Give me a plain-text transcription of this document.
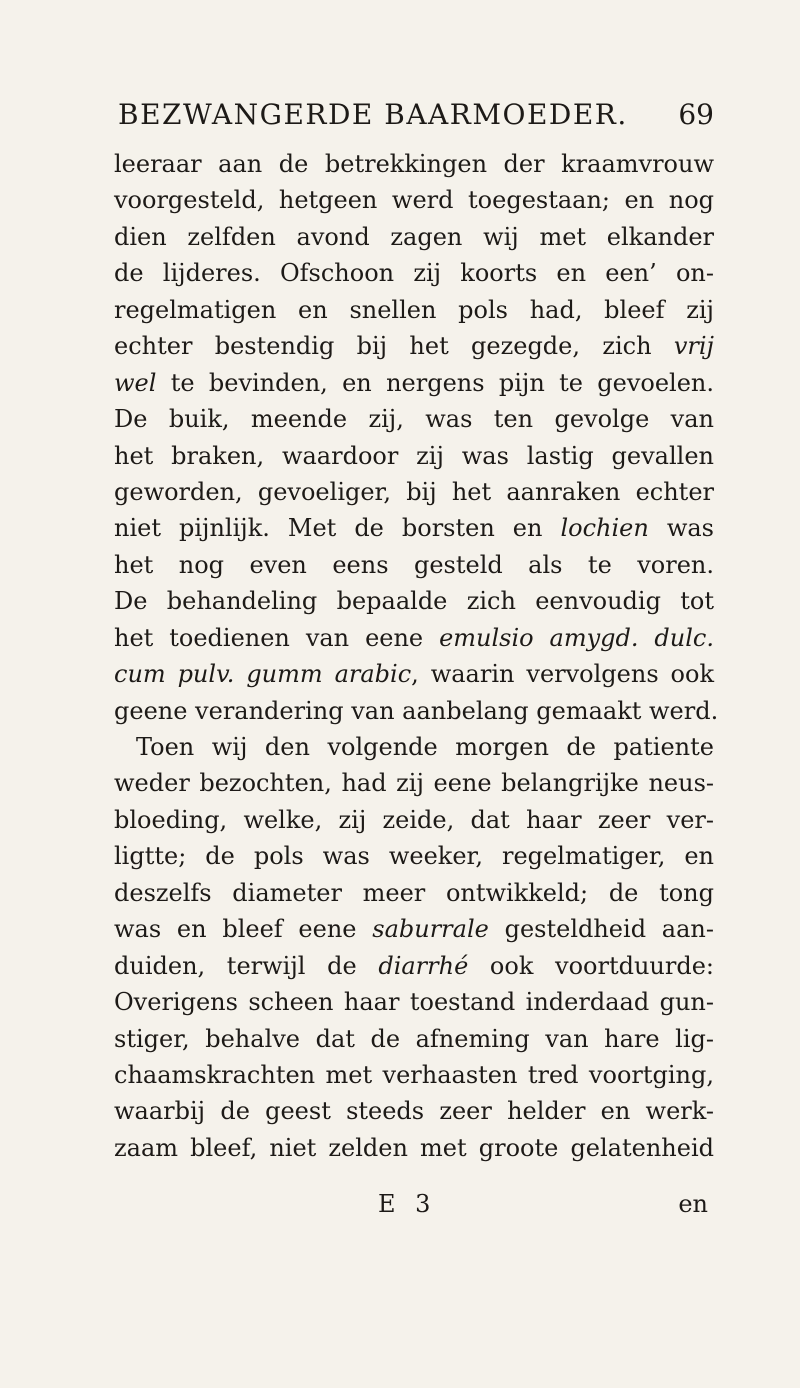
BEZWANGERDE BAARMOEDER. 69
leeraar aan de betrekkingen der kraamvrouw
voorgesteld, hetgeen werd toegestaan; en nog
dien zelfden avond zagen wij met elkander
de lijderes. Ofschoon zij koorts en een’ on-
regelmatigen en snellen pols had, bleef zij
echter bestendig bij het gezegde, zich vrij
wel te bevinden, en nergens pijn te gevoelen.
De buik, meende zij, was ten gevolge van
het braken, waardoor zij was lastig gevallen
geworden, gevoeliger, bij het aanraken echter
niet pijnlijk. Met de borsten en lochien was
het nog even eens gesteld als te voren.
De behandeling bepaalde zich eenvoudig tot
het toedienen van eene emulsio amygd. dulc.
cum pulv. gumm arabic, waarin vervolgens ook
geene verandering van aanbelang gemaakt werd.
Toen wij den volgende morgen de patiente
weder bezochten, had zij eene belangrijke neus-
bloeding, welke, zij zeide, dat haar zeer ver-
ligtte; de pols was weeker, regelmatiger, en
deszelfs diameter meer ontwikkeld; de tong
was en bleef eene saburrale gesteldheid aan-
duiden, terwijl de diarrhé ook voortduurde:
Overigens scheen haar toestand inderdaad gun-
stiger, behalve dat de afneming van hare lig-
chaamskrachten met verhaasten tred voortging,
waarbij de geest steeds zeer helder en werk-
zaam bleef, niet zelden met groote gelatenheid
E 3	en
